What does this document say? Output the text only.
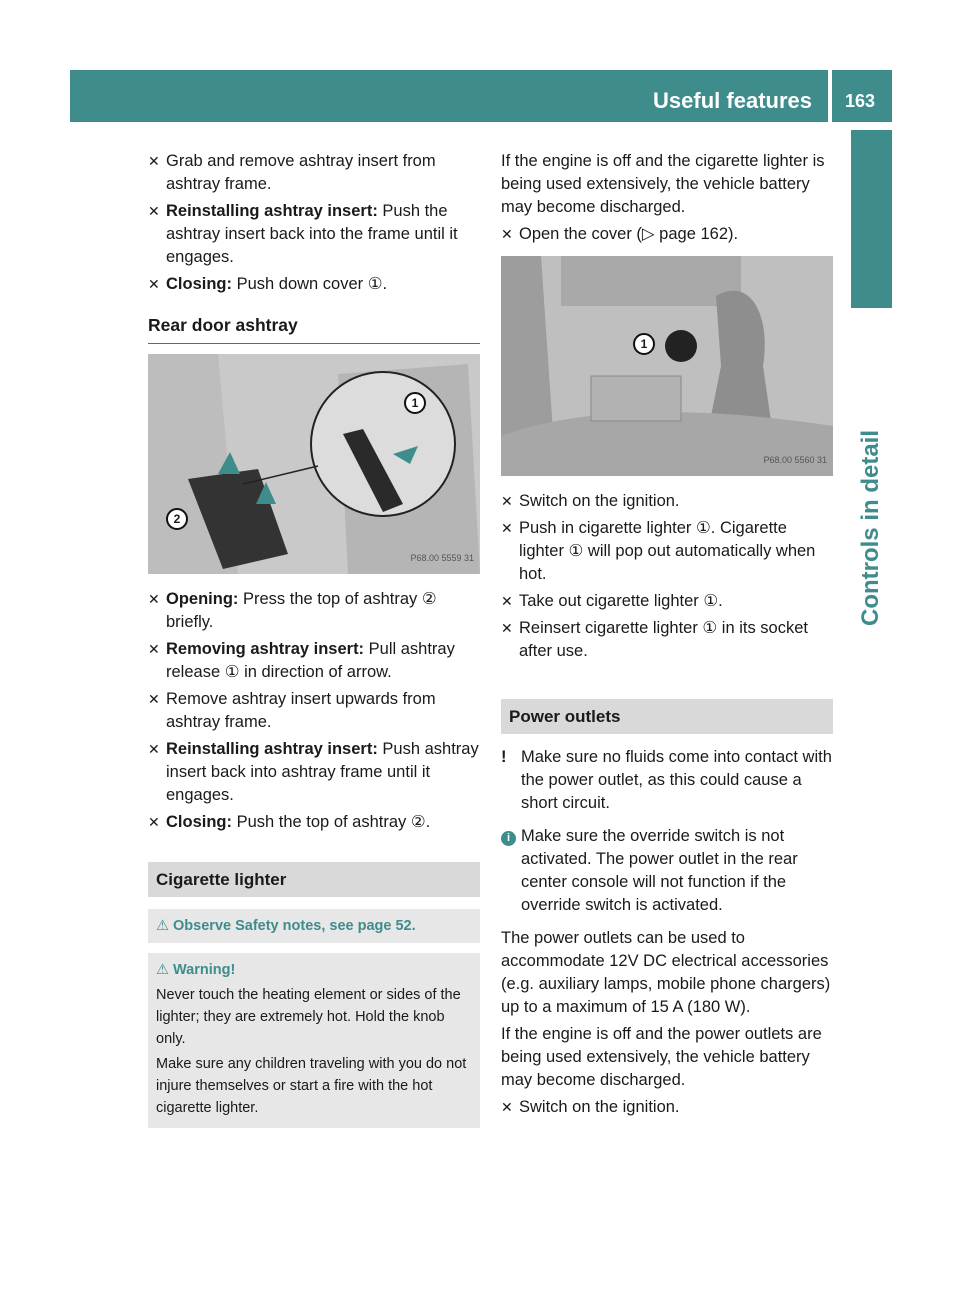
Useful features	163
Controls in detail
✕ Grab and remove ashtray insert from ashtray frame.
✕ Reinstalling ashtray insert: Push the ashtray insert back into the frame until it engages.
✕ Closing: Push down cover ①.
Rear door ashtray
1
2
P68.00 5559 31
✕ Opening: Press the top of ashtray ② briefly.
✕ Removing ashtray insert: Pull ashtray release ① in direction of arrow.
✕ Remove ashtray insert upwards from ashtray frame.
✕ Reinstalling ashtray insert: Push ashtray insert back into ashtray frame until it engages.
✕ Closing: Push the top of ashtray ②.
Cigarette lighter
⚠ Observe Safety notes, see page 52.

⚠ Warning!

Never touch the heating element or sides of the lighter; they are extremely hot. Hold the knob only.

Make sure any children traveling with you do not injure themselves or start a fire with the hot cigarette lighter.

If the engine is off and the cigarette lighter is being used extensively, the vehicle battery may become discharged.

✕ Open the cover (▷ page 162).
1
P68.00 5560 31
✕ Switch on the ignition.
✕ Push in cigarette lighter ①. Cigarette lighter ① will pop out automatically when hot.
✕ Take out cigarette lighter ①.
✕ Reinsert cigarette lighter ① in its socket after use.
Power outlets
! Make sure no fluids come into contact with the power outlet, as this could cause a short circuit.
i Make sure the override switch is not activated. The power outlet in the rear center console will not function if the override switch is activated.

The power outlets can be used to accommodate 12V DC electrical accessories (e.g. auxiliary lamps, mobile phone chargers) up to a maximum of 15 A (180 W).

If the engine is off and the power outlets are being used extensively, the vehicle battery may become discharged.

✕ Switch on the ignition.
